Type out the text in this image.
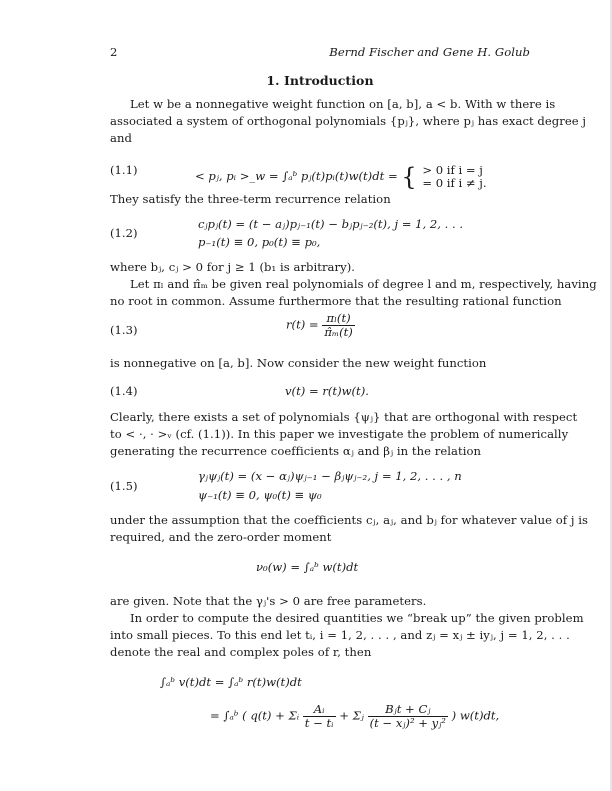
2	Bernd Fischer and Gene H. Golub
1. Introduction
Let w be a nonnegative weight function on [a, b], a < b. With w there is
associated a system of orthogonal polynomials {pⱼ}, where pⱼ has exact degree j
and
(1.1)	< pⱼ, pᵢ >_w = ∫ₐᵇ pⱼ(t)pᵢ(t)w(t)dt = { > 0 if i = j
= 0 if i ≠ j.
They satisfy the three-term recurrence relation
(1.2)
cⱼpⱼ(t) = (t − aⱼ)pⱼ₋₁(t) − bⱼpⱼ₋₂(t), j = 1, 2, . . .
p₋₁(t) ≡ 0, p₀(t) ≡ p₀,
where bⱼ, cⱼ > 0 for j ≥ 1 (b₁ is arbitrary).
Let πₗ and π̂ₘ be given real polynomials of degree l and m, respectively, having
no root in common. Assume furthermore that the resulting rational function
(1.3)	$r(t) = \frac{\text{πₗ(t)}}{\text{π̂ₘ(t)}}$
is nonnegative on [a, b]. Now consider the new weight function
(1.4)	v(t) = r(t)w(t).
Clearly, there exists a set of polynomials {ψⱼ} that are orthogonal with respect
to < ·, · >ᵥ (cf. (1.1)). In this paper we investigate the problem of numerically
generating the recurrence coefficients αⱼ and βⱼ in the relation
(1.5)
γⱼψⱼ(t) = (x − αⱼ)ψⱼ₋₁ − βⱼψⱼ₋₂, j = 1, 2, . . . , n
ψ₋₁(t) ≡ 0, ψ₀(t) ≡ ψ₀
under the assumption that the coefficients cⱼ, aⱼ, and bⱼ for whatever value of j is
required, and the zero-order moment
ν₀(w) = ∫ₐᵇ w(t)dt
are given. Note that the γⱼ's > 0 are free parameters.
In order to compute the desired quantities we “break up” the given problem
into small pieces. To this end let tᵢ, i = 1, 2, . . . , and zⱼ = xⱼ ± iyⱼ, j = 1, 2, . . .
denote the real and complex poles of r, then
∫ₐᵇ v(t)dt = ∫ₐᵇ r(t)w(t)dt
= ∫ₐᵇ ( q(t) + Σᵢ $\frac{\text{Aᵢ}}{\text{t − tᵢ}}$ + Σⱼ $\frac{\text{Bⱼt + Cⱼ}}{\text{(t − xⱼ)² + yⱼ²}}$ ) w(t)dt,
